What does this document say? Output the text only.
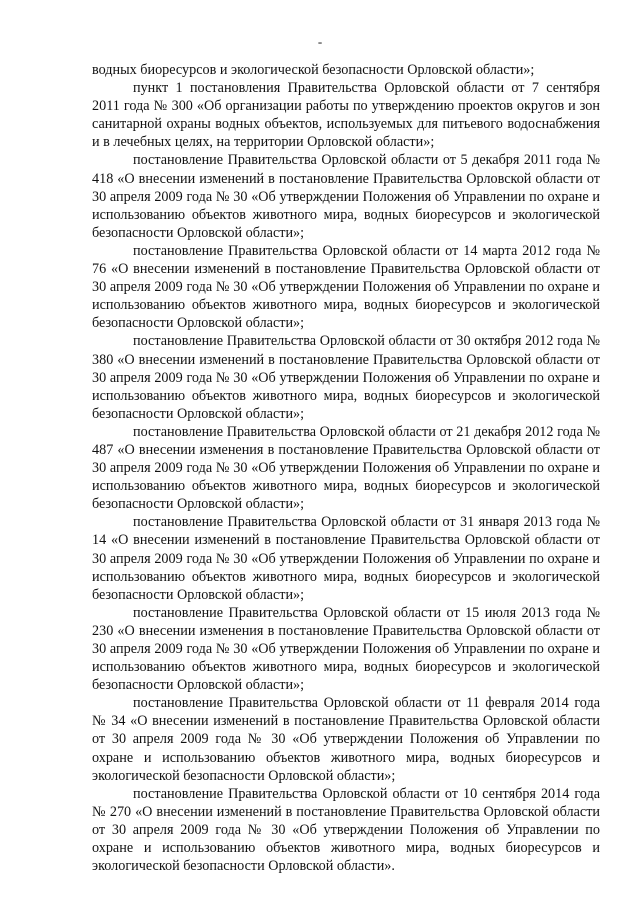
-

водных биоресурсов и экологической безопасности Орловской области»;

пункт 1 постановления Правительства Орловской области от 7 сентября 2011 года № 300 «Об организации работы по утверждению проектов округов и зон санитарной охраны водных объектов, используемых для питьевого водоснабжения и в лечебных целях, на территории Орловской области»;

постановление Правительства Орловской области от 5 декабря 2011 года № 418 «О внесении изменений в постановление Правительства Орловской области от 30 апреля 2009 года № 30 «Об утверждении Положения об Управлении по охране и использованию объектов животного мира, водных биоресурсов и экологической безопасности Орловской области»;

постановление Правительства Орловской области от 14 марта 2012 года № 76 «О внесении изменений в постановление Правительства Орловской области от 30 апреля 2009 года № 30 «Об утверждении Положения об Управлении по охране и использованию объектов животного мира, водных биоресурсов и экологической безопасности Орловской области»;

постановление Правительства Орловской области от 30 октября 2012 года № 380 «О внесении изменений в постановление Правительства Орловской области от 30 апреля 2009 года № 30 «Об утверждении Положения об Управлении по охране и использованию объектов животного мира, водных биоресурсов и экологической безопасности Орловской области»;

постановление Правительства Орловской области от 21 декабря 2012 года № 487 «О внесении изменения в постановление Правительства Орловской области от 30 апреля 2009 года № 30 «Об утверждении Положения об Управлении по охране и использованию объектов животного мира, водных биоресурсов и экологической безопасности Орловской области»;

постановление Правительства Орловской области от 31 января 2013 года № 14 «О внесении изменений в постановление Правительства Орловской области от 30 апреля 2009 года № 30 «Об утверждении Положения об Управлении по охране и использованию объектов животного мира, водных биоресурсов и экологической безопасности Орловской области»;

постановление Правительства Орловской области от 15 июля 2013 года № 230 «О внесении изменения в постановление Правительства Орловской области от 30 апреля 2009 года № 30 «Об утверждении Положения об Управлении по охране и использованию объектов животного мира, водных биоресурсов и экологической безопасности Орловской области»;

постановление Правительства Орловской области от 11 февраля 2014 года № 34 «О внесении изменений в постановление Правительства Орловской области от 30 апреля 2009 года № 30 «Об утверждении Положения об Управлении по охране и использованию объектов животного мира, водных биоресурсов и экологической безопасности Орловской области»;

постановление Правительства Орловской области от 10 сентября 2014 года № 270 «О внесении изменений в постановление Правительства Орловской области от 30 апреля 2009 года № 30 «Об утверждении Положения об Управлении по охране и использованию объектов животного мира, водных биоресурсов и экологической безопасности Орловской области».
